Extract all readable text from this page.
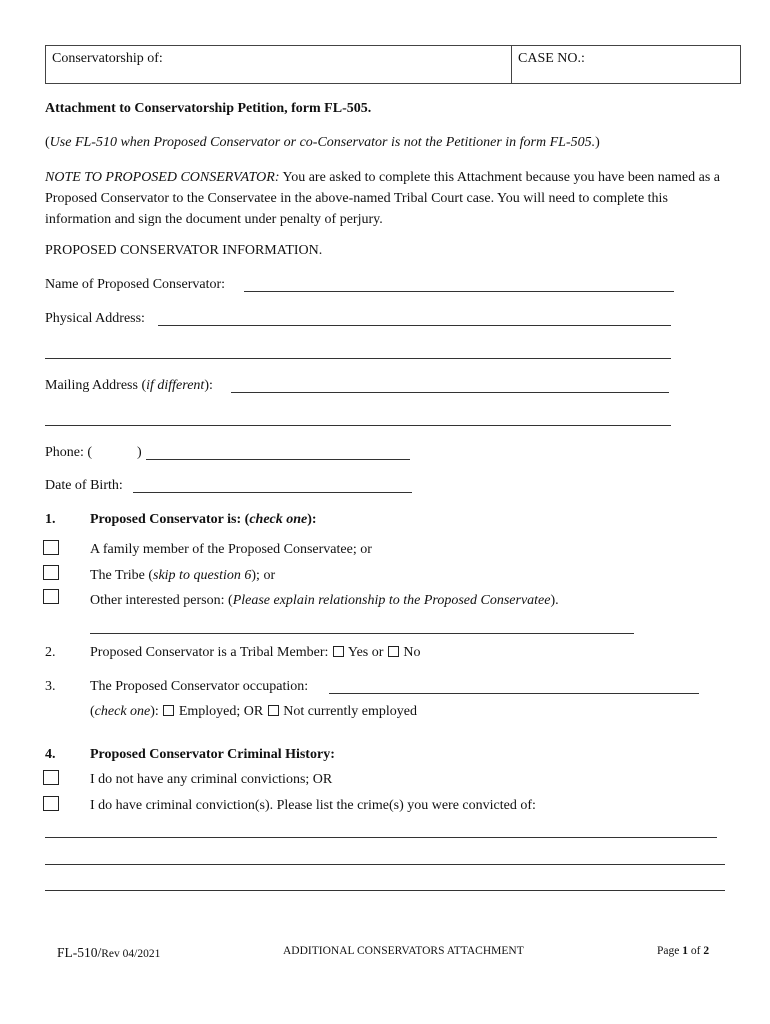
Conservatorship of:	CASE NO.:
Attachment to Conservatorship Petition, form FL-505.
(Use FL-510 when Proposed Conservator or co-Conservator is not the Petitioner in form FL-505.)
NOTE TO PROPOSED CONSERVATOR: You are asked to complete this Attachment because you have been named as a Proposed Conservator to the Conservatee in the above-named Tribal Court case. You will need to complete this information and sign the document under penalty of perjury.
PROPOSED CONSERVATOR INFORMATION.
Name of Proposed Conservator:
Physical Address:
Mailing Address (if different):
Phone: (	)
Date of Birth:
1. Proposed Conservator is: (check one):
A family member of the Proposed Conservatee; or
The Tribe (skip to question 6); or
Other interested person: (Please explain relationship to the Proposed Conservatee).
2. Proposed Conservator is a Tribal Member: Yes or No
3. The Proposed Conservator occupation:
(check one): Employed; OR Not currently employed
4. Proposed Conservator Criminal History:
I do not have any criminal convictions; OR
I do have criminal conviction(s). Please list the crime(s) you were convicted of:
FL-510/Rev 04/2021	ADDITIONAL CONSERVATORS ATTACHMENT	Page 1 of 2
